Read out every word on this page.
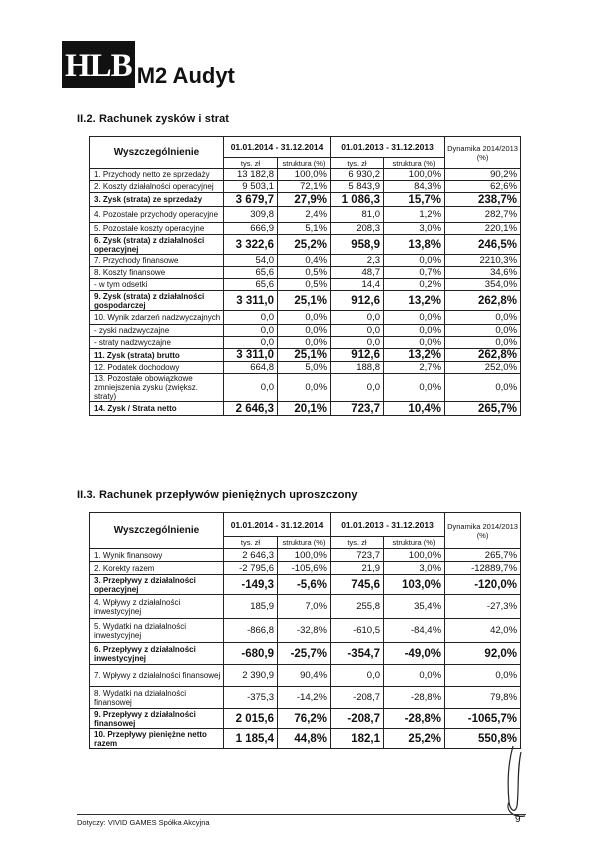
HLB M2 Audyt
II.2. Rachunek zysków i strat
Wyszczególnienie	01.01.2014 - 31.12.2014		01.01.2013 - 31.12.2013		Dynamika 2014/2013 (%)
	tys. zł	struktura (%)	tys. zł	struktura (%)	
1. Przychody netto ze sprzedaży	13 182,8	100,0%	6 930,2	100,0%	90,2%
2. Koszty działalności operacyjnej	9 503,1	72,1%	5 843,9	84,3%	62,6%
3. Zysk (strata) ze sprzedaży	3 679,7	27,9%	1 086,3	15,7%	238,7%
4. Pozostałe przychody operacyjne	309,8	2,4%	81,0	1,2%	282,7%
5. Pozostałe koszty operacyjne	666,9	5,1%	208,3	3,0%	220,1%
6. Zysk (strata) z działalności operacyjnej	3 322,6	25,2%	958,9	13,8%	246,5%
7. Przychody finansowe	54,0	0,4%	2,3	0,0%	2210,3%
8. Koszty finansowe	65,6	0,5%	48,7	0,7%	34,6%
- w tym odsetki	65,6	0,5%	14,4	0,2%	354,0%
9. Zysk (strata) z działalności gospodarczej	3 311,0	25,1%	912,6	13,2%	262,8%
10. Wynik zdarzeń nadzwyczajnych	0,0	0,0%	0,0	0,0%	0,0%
- zyski nadzwyczajne	0,0	0,0%	0,0	0,0%	0,0%
- straty nadzwyczajne	0,0	0,0%	0,0	0,0%	0,0%
11. Zysk (strata) brutto	3 311,0	25,1%	912,6	13,2%	262,8%
12. Podatek dochodowy	664,8	5,0%	188,8	2,7%	252,0%
13. Pozostałe obowiązkowe zmniejszenia zysku (zwiększ. straty)	0,0	0,0%	0,0	0,0%	0,0%
14. Zysk / Strata netto	2 646,3	20,1%	723,7	10,4%	265,7%
II.3. Rachunek przepływów pieniężnych uproszczony
Wyszczególnienie	01.01.2014 - 31.12.2014		01.01.2013 - 31.12.2013		Dynamika 2014/2013 (%)
	tys. zł	struktura (%)	tys. zł	struktura (%)	
1. Wynik finansowy	2 646,3	100,0%	723,7	100,0%	265,7%
2. Korekty razem	-2 795,6	-105,6%	21,9	3,0%	-12889,7%
3. Przepływy z działalności operacyjnej	-149,3	-5,6%	745,6	103,0%	-120,0%
4. Wpływy z działalności inwestycyjnej	185,9	7,0%	255,8	35,4%	-27,3%
5. Wydatki na działalności inwestycyjnej	-866,8	-32,8%	-610,5	-84,4%	42,0%
6. Przepływy z działalności inwestycyjnej	-680,9	-25,7%	-354,7	-49,0%	92,0%
7. Wpływy z działalności finansowej	2 390,9	90,4%	0,0	0,0%	0,0%
8. Wydatki na działalności finansowej	-375,3	-14,2%	-208,7	-28,8%	79,8%
9. Przepływy z działalności finansowej	2 015,6	76,2%	-208,7	-28,8%	-1065,7%
10. Przepływy pieniężne netto razem	1 185,4	44,8%	182,1	25,2%	550,8%
Dotyczy: VIVID GAMES Spółka Akcyjna	9
